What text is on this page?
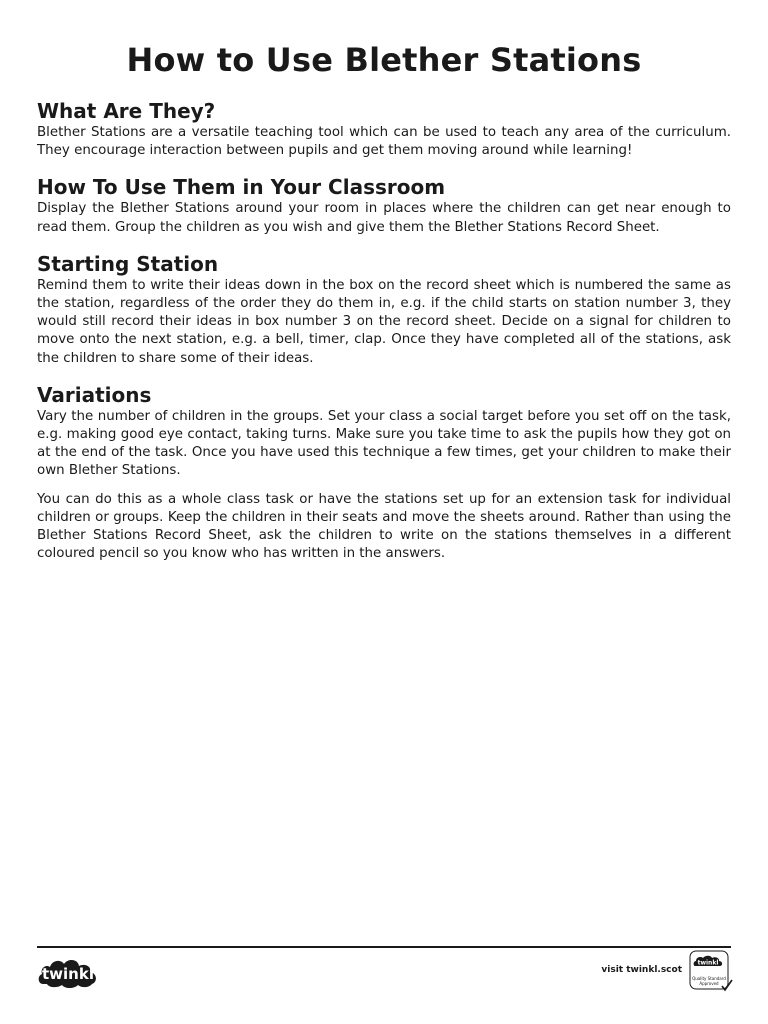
How to Use Blether Stations
What Are They?

Blether Stations are a versatile teaching tool which can be used to teach any area of the curriculum. They encourage interaction between pupils and get them moving around while learning!

How To Use Them in Your Classroom

Display the Blether Stations around your room in places where the children can get near enough to read them. Group the children as you wish and give them the Blether Stations Record Sheet.

Starting Station

Remind them to write their ideas down in the box on the record sheet which is numbered the same as the station, regardless of the order they do them in, e.g. if the child starts on station number 3, they would still record their ideas in box number 3 on the record sheet. Decide on a signal for children to move onto the next station, e.g. a bell, timer, clap. Once they have completed all of the stations, ask the children to share some of their ideas.

Variations

Vary the number of children in the groups. Set your class a social target before you set off on the task, e.g. making good eye contact, taking turns. Make sure you take time to ask the pupils how they got on at the end of the task. Once you have used this technique a few times, get your children to make their own Blether Stations.

You can do this as a whole class task or have the stations set up for an extension task for individual children or groups. Keep the children in their seats and move the sheets around. Rather than using the Blether Stations Record Sheet, ask the children to write on the stations themselves in a different coloured pencil so you know who has written in the answers.

twinkl	visit twinkl.scot
twinkl
Quality Standard
Approved
